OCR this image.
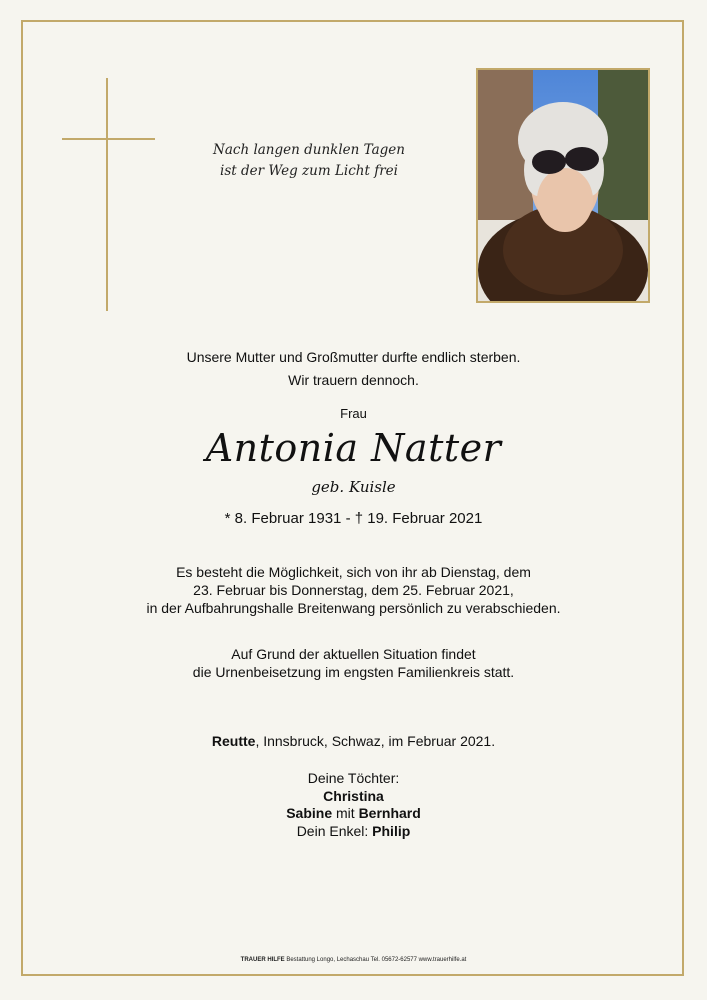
Nach langen dunklen Tagen
ist der Weg zum Licht frei
Unsere Mutter und Großmutter durfte endlich sterben.
Wir trauern dennoch.
Frau
Antonia Natter
geb. Kuisle
* 8. Februar 1931 - † 19. Februar 2021
Es besteht die Möglichkeit, sich von ihr ab Dienstag, dem
23. Februar bis Donnerstag, dem 25. Februar 2021,
in der Aufbahrungshalle Breitenwang persönlich zu verabschieden.
Auf Grund der aktuellen Situation findet
die Urnenbeisetzung im engsten Familienkreis statt.
Reutte, Innsbruck, Schwaz, im Februar 2021.
Deine Töchter:
Christina
Sabine mit Bernhard
Dein Enkel: Philip
TRAUER HILFE Bestattung Longo, Lechaschau Tel. 05672-62577 www.trauerhilfe.at
